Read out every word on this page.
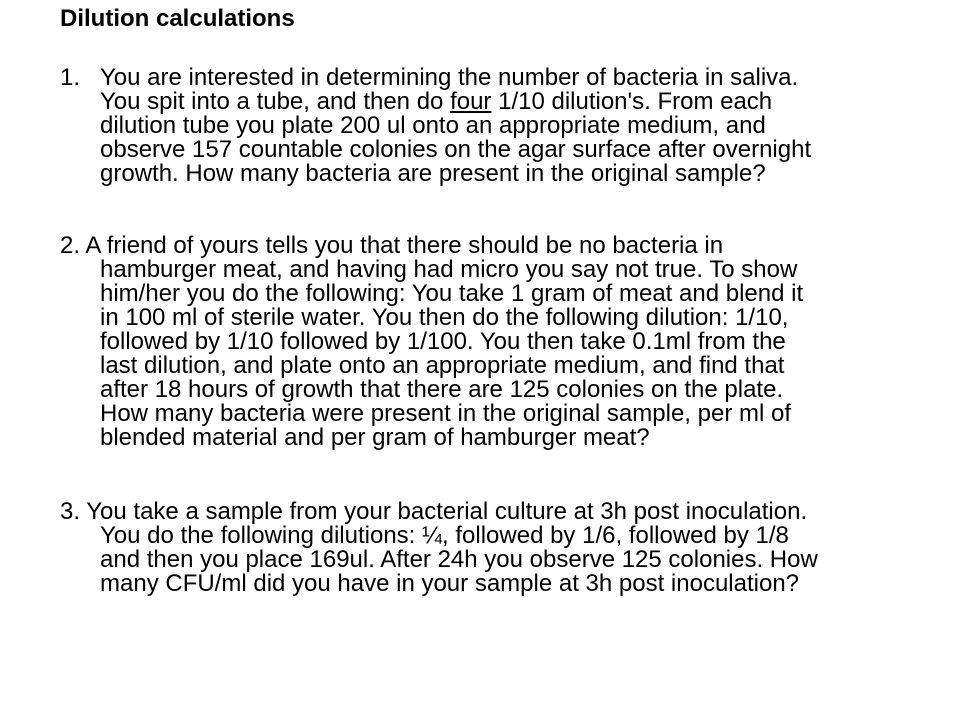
Dilution calculations

1. You are interested in determining the number of bacteria in saliva.
You spit into a tube, and then do four 1/10 dilution's. From each
dilution tube you plate 200 ul onto an appropriate medium, and
observe 157 countable colonies on the agar surface after overnight
growth. How many bacteria are present in the original sample?

2. A friend of yours tells you that there should be no bacteria in
hamburger meat, and having had micro you say not true. To show
him/her you do the following: You take 1 gram of meat and blend it
in 100 ml of sterile water. You then do the following dilution: 1/10,
followed by 1/10 followed by 1/100. You then take 0.1ml from the
last dilution, and plate onto an appropriate medium, and find that
after 18 hours of growth that there are 125 colonies on the plate.
How many bacteria were present in the original sample, per ml of
blended material and per gram of hamburger meat?

3. You take a sample from your bacterial culture at 3h post inoculation.
You do the following dilutions: ¼, followed by 1/6, followed by 1/8
and then you place 169ul. After 24h you observe 125 colonies. How
many CFU/ml did you have in your sample at 3h post inoculation?
